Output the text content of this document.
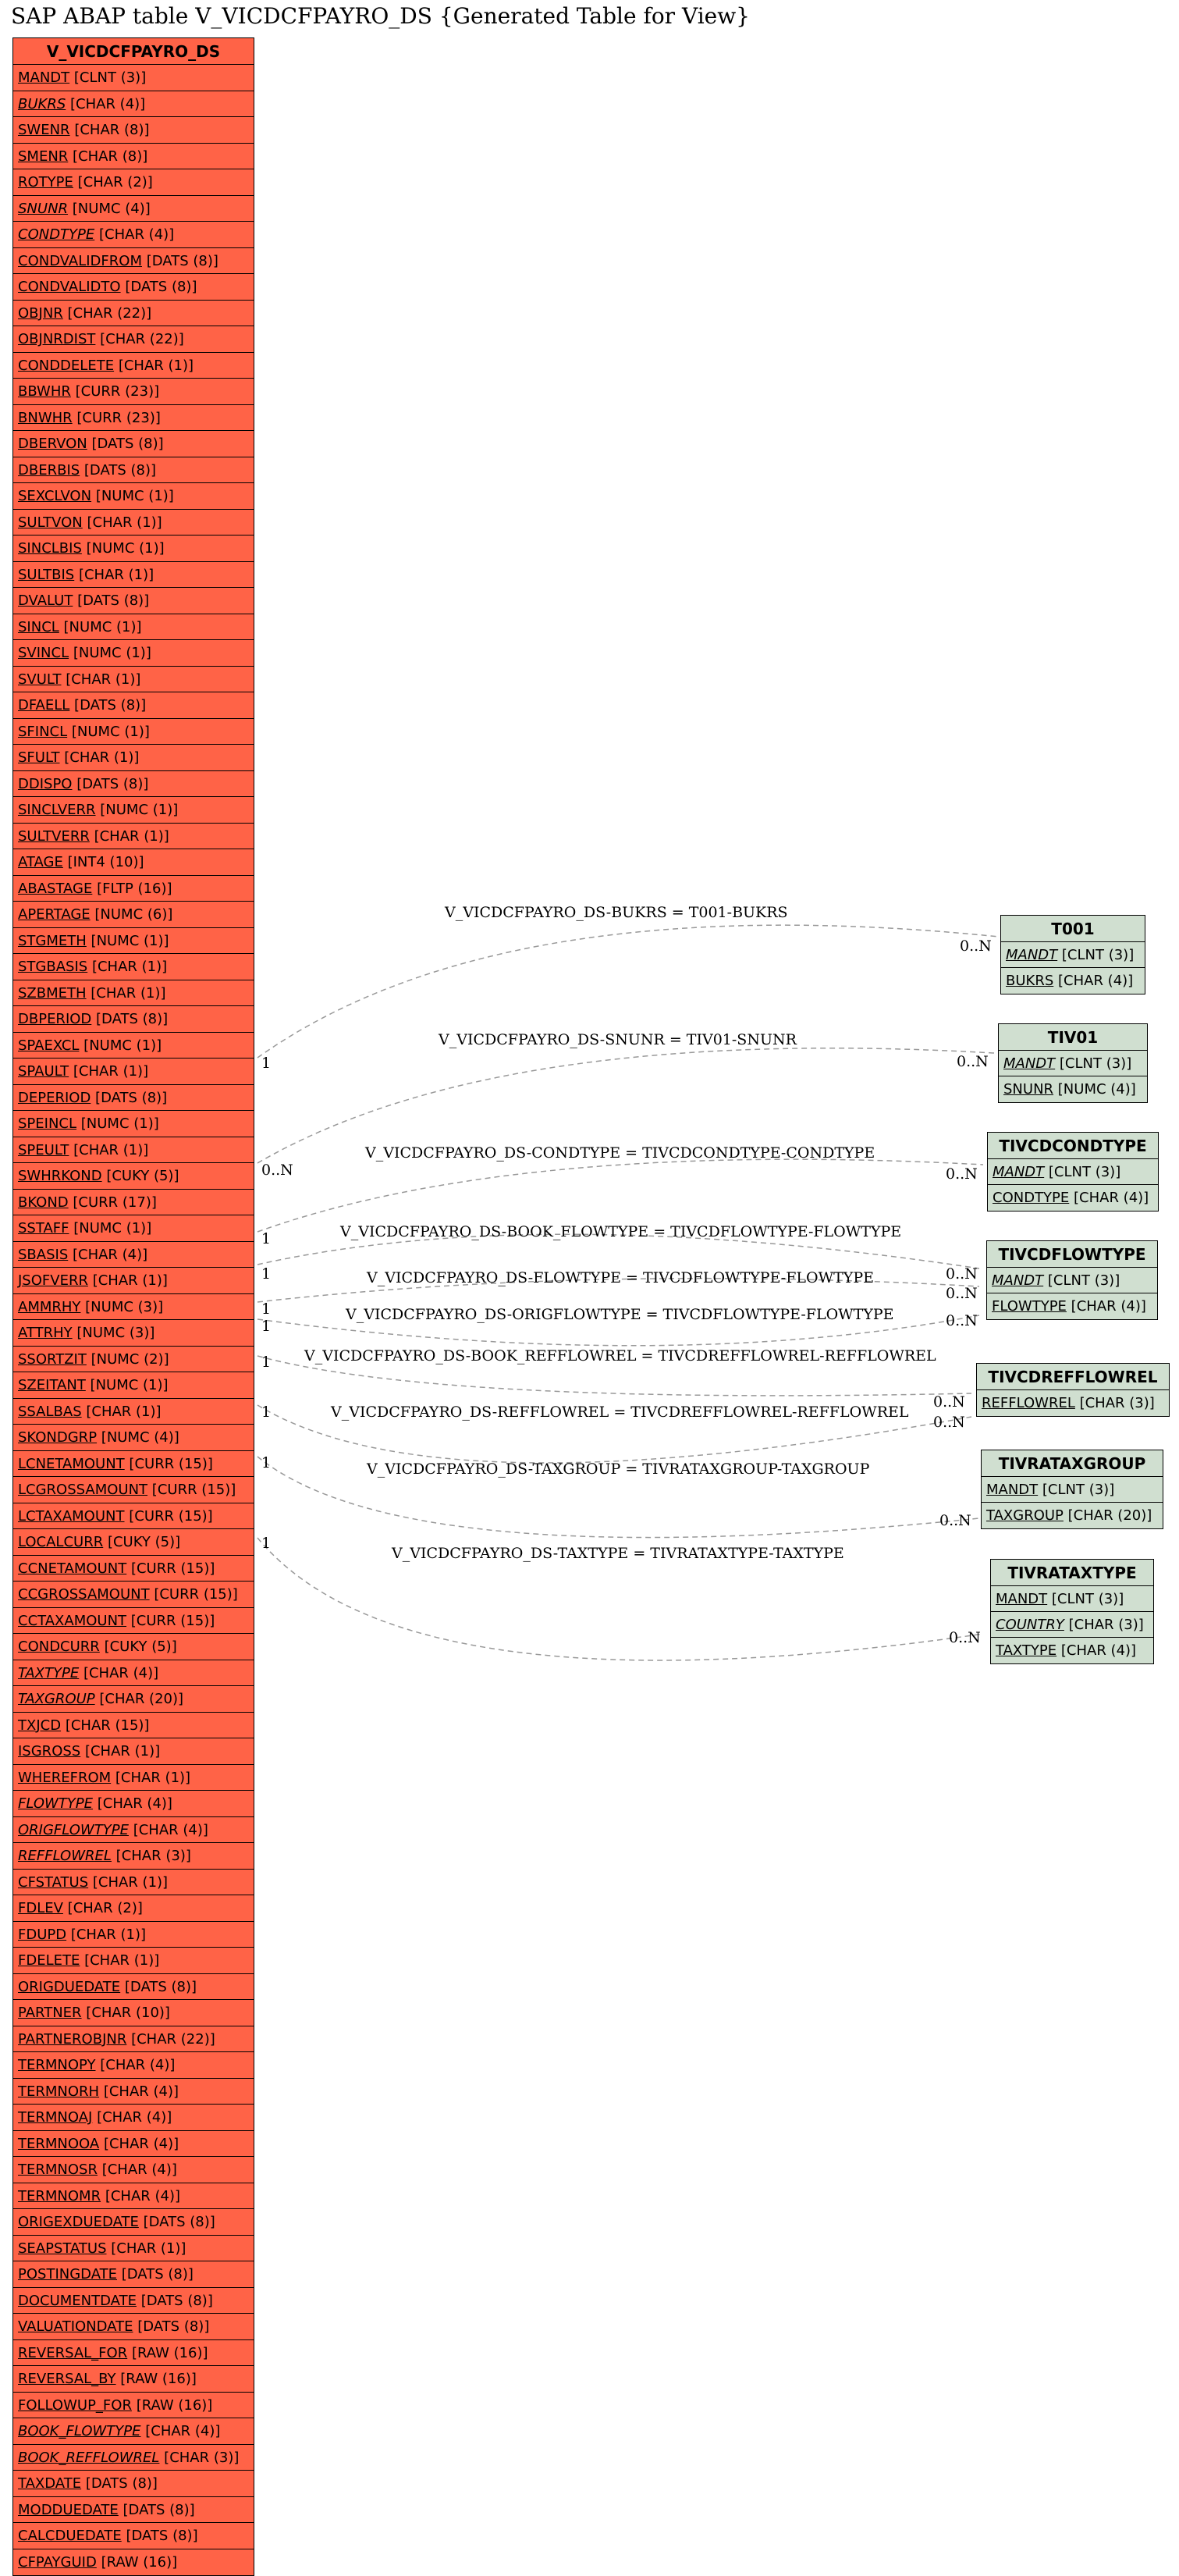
SAP ABAP table V_VICDCFPAYRO_DS {Generated Table for View}
V_VICDCFPAYRO_DS-BUKRS = T001-BUKRS
1
0..N
V_VICDCFPAYRO_DS-SNUNR = TIV01-SNUNR
0..N
0..N
V_VICDCFPAYRO_DS-CONDTYPE = TIVCDCONDTYPE-CONDTYPE
1
0..N
V_VICDCFPAYRO_DS-BOOK_FLOWTYPE = TIVCDFLOWTYPE-FLOWTYPE
1	0..N
V_VICDCFPAYRO_DS-FLOWTYPE = TIVCDFLOWTYPE-FLOWTYPE
1
0..N
V_VICDCFPAYRO_DS-ORIGFLOWTYPE = TIVCDFLOWTYPE-FLOWTYPE
1	0..N
V_VICDCFPAYRO_DS-BOOK_REFFLOWREL = TIVCDREFFLOWREL-REFFLOWREL
1
0..N
V_VICDCFPAYRO_DS-REFFLOWREL = TIVCDREFFLOWREL-REFFLOWREL
1
0..N
V_VICDCFPAYRO_DS-TAXGROUP = TIVRATAXGROUP-TAXGROUP
1
0..N
V_VICDCFPAYRO_DS-TAXTYPE = TIVRATAXTYPE-TAXTYPE
1
0..N
V_VICDCFPAYRO_DS
MANDT [CLNT (3)]
BUKRS [CHAR (4)]
SWENR [CHAR (8)]
SMENR [CHAR (8)]
ROTYPE [CHAR (2)]
SNUNR [NUMC (4)]
CONDTYPE [CHAR (4)]
CONDVALIDFROM [DATS (8)]
CONDVALIDTO [DATS (8)]
OBJNR [CHAR (22)]
OBJNRDIST [CHAR (22)]
CONDDELETE [CHAR (1)]
BBWHR [CURR (23)]
BNWHR [CURR (23)]
DBERVON [DATS (8)]
DBERBIS [DATS (8)]
SEXCLVON [NUMC (1)]
SULTVON [CHAR (1)]
SINCLBIS [NUMC (1)]
SULTBIS [CHAR (1)]
DVALUT [DATS (8)]
SINCL [NUMC (1)]
SVINCL [NUMC (1)]
SVULT [CHAR (1)]
DFAELL [DATS (8)]
SFINCL [NUMC (1)]
SFULT [CHAR (1)]
DDISPO [DATS (8)]
SINCLVERR [NUMC (1)]
SULTVERR [CHAR (1)]
ATAGE [INT4 (10)]
ABASTAGE [FLTP (16)]
APERTAGE [NUMC (6)]
STGMETH [NUMC (1)]
STGBASIS [CHAR (1)]
SZBMETH [CHAR (1)]
DBPERIOD [DATS (8)]
SPAEXCL [NUMC (1)]
SPAULT [CHAR (1)]
DEPERIOD [DATS (8)]
SPEINCL [NUMC (1)]
SPEULT [CHAR (1)]
SWHRKOND [CUKY (5)]
BKOND [CURR (17)]
SSTAFF [NUMC (1)]
SBASIS [CHAR (4)]
JSOFVERR [CHAR (1)]
AMMRHY [NUMC (3)]
ATTRHY [NUMC (3)]
SSORTZIT [NUMC (2)]
SZEITANT [NUMC (1)]
SSALBAS [CHAR (1)]
SKONDGRP [NUMC (4)]
LCNETAMOUNT [CURR (15)]
LCGROSSAMOUNT [CURR (15)]
LCTAXAMOUNT [CURR (15)]
LOCALCURR [CUKY (5)]
CCNETAMOUNT [CURR (15)]
CCGROSSAMOUNT [CURR (15)]
CCTAXAMOUNT [CURR (15)]
CONDCURR [CUKY (5)]
TAXTYPE [CHAR (4)]
TAXGROUP [CHAR (20)]
TXJCD [CHAR (15)]
ISGROSS [CHAR (1)]
WHEREFROM [CHAR (1)]
FLOWTYPE [CHAR (4)]
ORIGFLOWTYPE [CHAR (4)]
REFFLOWREL [CHAR (3)]
CFSTATUS [CHAR (1)]
FDLEV [CHAR (2)]
FDUPD [CHAR (1)]
FDELETE [CHAR (1)]
ORIGDUEDATE [DATS (8)]
PARTNER [CHAR (10)]
PARTNEROBJNR [CHAR (22)]
TERMNOPY [CHAR (4)]
TERMNORH [CHAR (4)]
TERMNOAJ [CHAR (4)]
TERMNOOA [CHAR (4)]
TERMNOSR [CHAR (4)]
TERMNOMR [CHAR (4)]
ORIGEXDUEDATE [DATS (8)]
SEAPSTATUS [CHAR (1)]
POSTINGDATE [DATS (8)]
DOCUMENTDATE [DATS (8)]
VALUATIONDATE [DATS (8)]
REVERSAL_FOR [RAW (16)]
REVERSAL_BY [RAW (16)]
FOLLOWUP_FOR [RAW (16)]
BOOK_FLOWTYPE [CHAR (4)]
BOOK_REFFLOWREL [CHAR (3)]
TAXDATE [DATS (8)]
MODDUEDATE [DATS (8)]
CALCDUEDATE [DATS (8)]
CFPAYGUID [RAW (16)]
T001
MANDT [CLNT (3)]
BUKRS [CHAR (4)]
TIV01
MANDT [CLNT (3)]
SNUNR [NUMC (4)]
TIVCDCONDTYPE
MANDT [CLNT (3)]
CONDTYPE [CHAR (4)]
TIVCDFLOWTYPE
MANDT [CLNT (3)]
FLOWTYPE [CHAR (4)]
TIVCDREFFLOWREL
REFFLOWREL [CHAR (3)]
TIVRATAXGROUP
MANDT [CLNT (3)]
TAXGROUP [CHAR (20)]
TIVRATAXTYPE
MANDT [CLNT (3)]
COUNTRY [CHAR (3)]
TAXTYPE [CHAR (4)]
